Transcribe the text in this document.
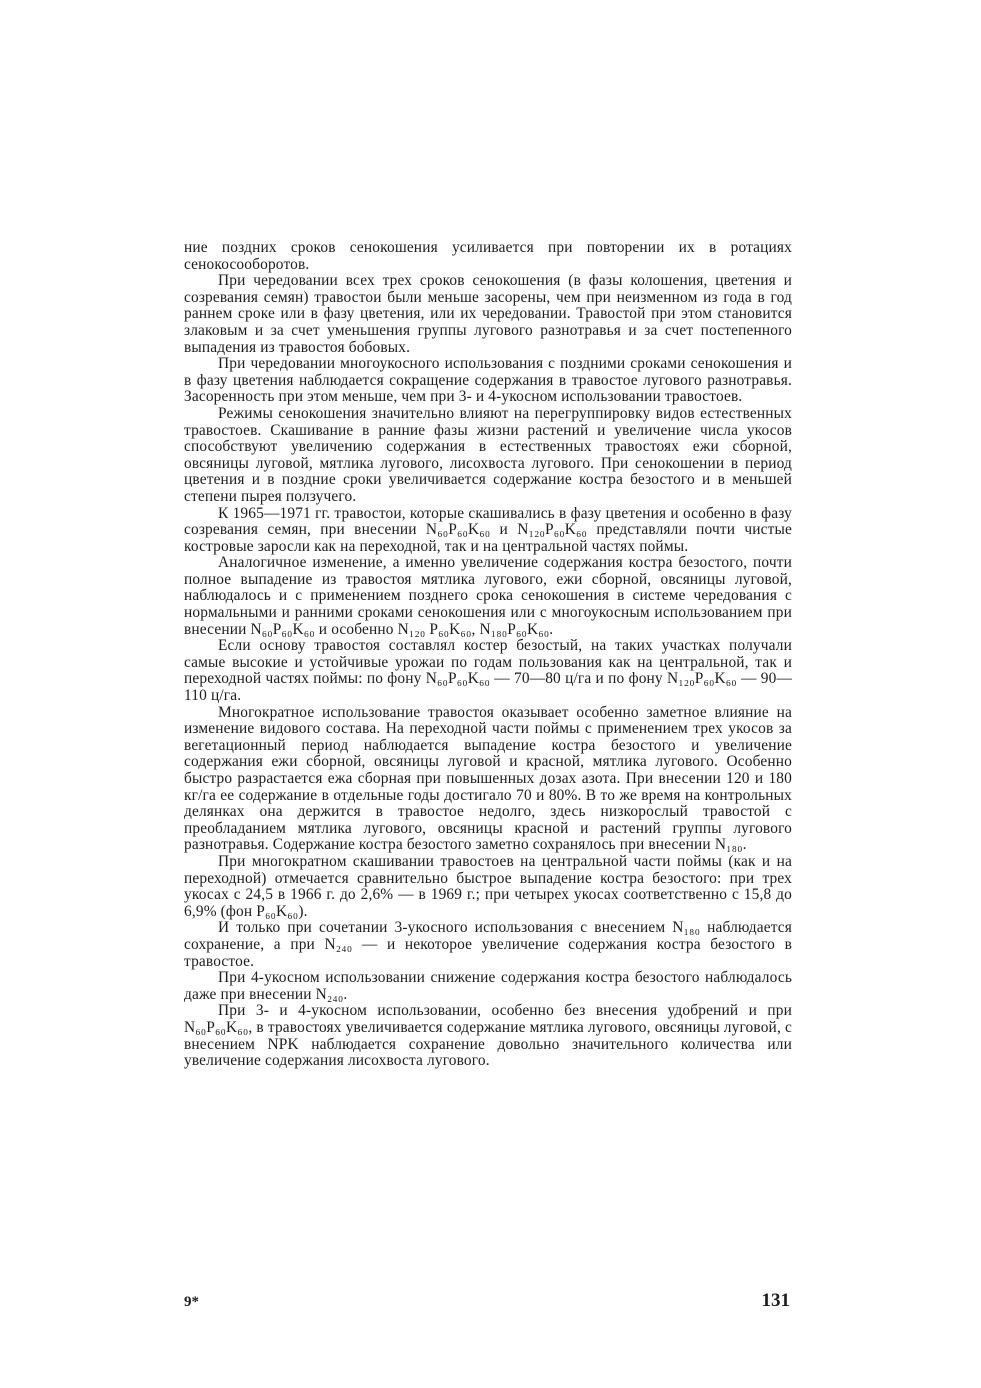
ние поздних сроков сенокошения усиливается при повторении их в ротациях сенокосооборотов.

При чередовании всех трех сроков сенокошения (в фазы колошения, цветения и созревания семян) травостои были меньше засорены, чем при неизменном из года в год раннем сроке или в фазу цветения, или их чередовании. Травостой при этом становится злаковым и за счет уменьшения группы лугового разнотравья и за счет постепенного выпадения из травостоя бобовых.

При чередовании многоукосного использования с поздними сроками сенокошения и в фазу цветения наблюдается сокращение содержания в травостое лугового разнотравья. Засоренность при этом меньше, чем при 3- и 4-укосном использовании травостоев.

Режимы сенокошения значительно влияют на перегруппировку видов естественных травостоев. Скашивание в ранние фазы жизни растений и увеличение числа укосов способствуют увеличению содержания в естественных травостоях ежи сборной, овсяницы луговой, мятлика лугового, лисохвоста лугового. При сенокошении в период цветения и в поздние сроки увеличивается содержание костра безостого и в меньшей степени пырея ползучего.

К 1965—1971 гг. травостои, которые скашивались в фазу цветения и особенно в фазу созревания семян, при внесении N₆₀P₆₀K₆₀ и N₁₂₀P₆₀K₆₀ представляли почти чистые костровые заросли как на переходной, так и на центральной частях поймы.

Аналогичное изменение, а именно увеличение содержания костра безостого, почти полное выпадение из травостоя мятлика лугового, ежи сборной, овсяницы луговой, наблюдалось и с применением позднего срока сенокошения в системе чередования с нормальными и ранними сроками сенокошения или с многоукосным использованием при внесении N₆₀P₆₀K₆₀ и особенно N₁₂₀ P₆₀K₆₀, N₁₈₀P₆₀K₆₀.

Если основу травостоя составлял костер безостый, на таких участках получали самые высокие и устойчивые урожаи по годам пользования как на центральной, так и переходной частях поймы: по фону N₆₀P₆₀K₆₀ — 70—80 ц/га и по фону N₁₂₀P₆₀K₆₀ — 90—110 ц/га.

Многократное использование травостоя оказывает особенно заметное влияние на изменение видового состава. На переходной части поймы с применением трех укосов за вегетационный период наблюдается выпадение костра безостого и увеличение содержания ежи сборной, овсяницы луговой и красной, мятлика лугового. Особенно быстро разрастается ежа сборная при повышенных дозах азота. При внесении 120 и 180 кг/га ее содержание в отдельные годы достигало 70 и 80%. В то же время на контрольных делянках она держится в травостое недолго, здесь низкорослый травостой с преобладанием мятлика лугового, овсяницы красной и растений группы лугового разнотравья. Содержание костра безостого заметно сохранялось при внесении N₁₈₀.

При многократном скашивании травостоев на центральной части поймы (как и на переходной) отмечается сравнительно быстрое выпадение костра безостого: при трех укосах с 24,5 в 1966 г. до 2,6% — в 1969 г.; при четырех укосах соответственно с 15,8 до 6,9% (фон P₆₀K₆₀).

И только при сочетании 3-укосного использования с внесением N₁₈₀ наблюдается сохранение, а при N₂₄₀ — и некоторое увеличение содержания костра безостого в травостое.

При 4-укосном использовании снижение содержания костра безостого наблюдалось даже при внесении N₂₄₀.

При 3- и 4-укосном использовании, особенно без внесения удобрений и при N₆₀P₆₀K₆₀, в травостоях увеличивается содержание мятлика лугового, овсяницы луговой, с внесением NPK наблюдается сохранение довольно значительного количества или увеличение содержания лисохвоста лугового.

9*	131
